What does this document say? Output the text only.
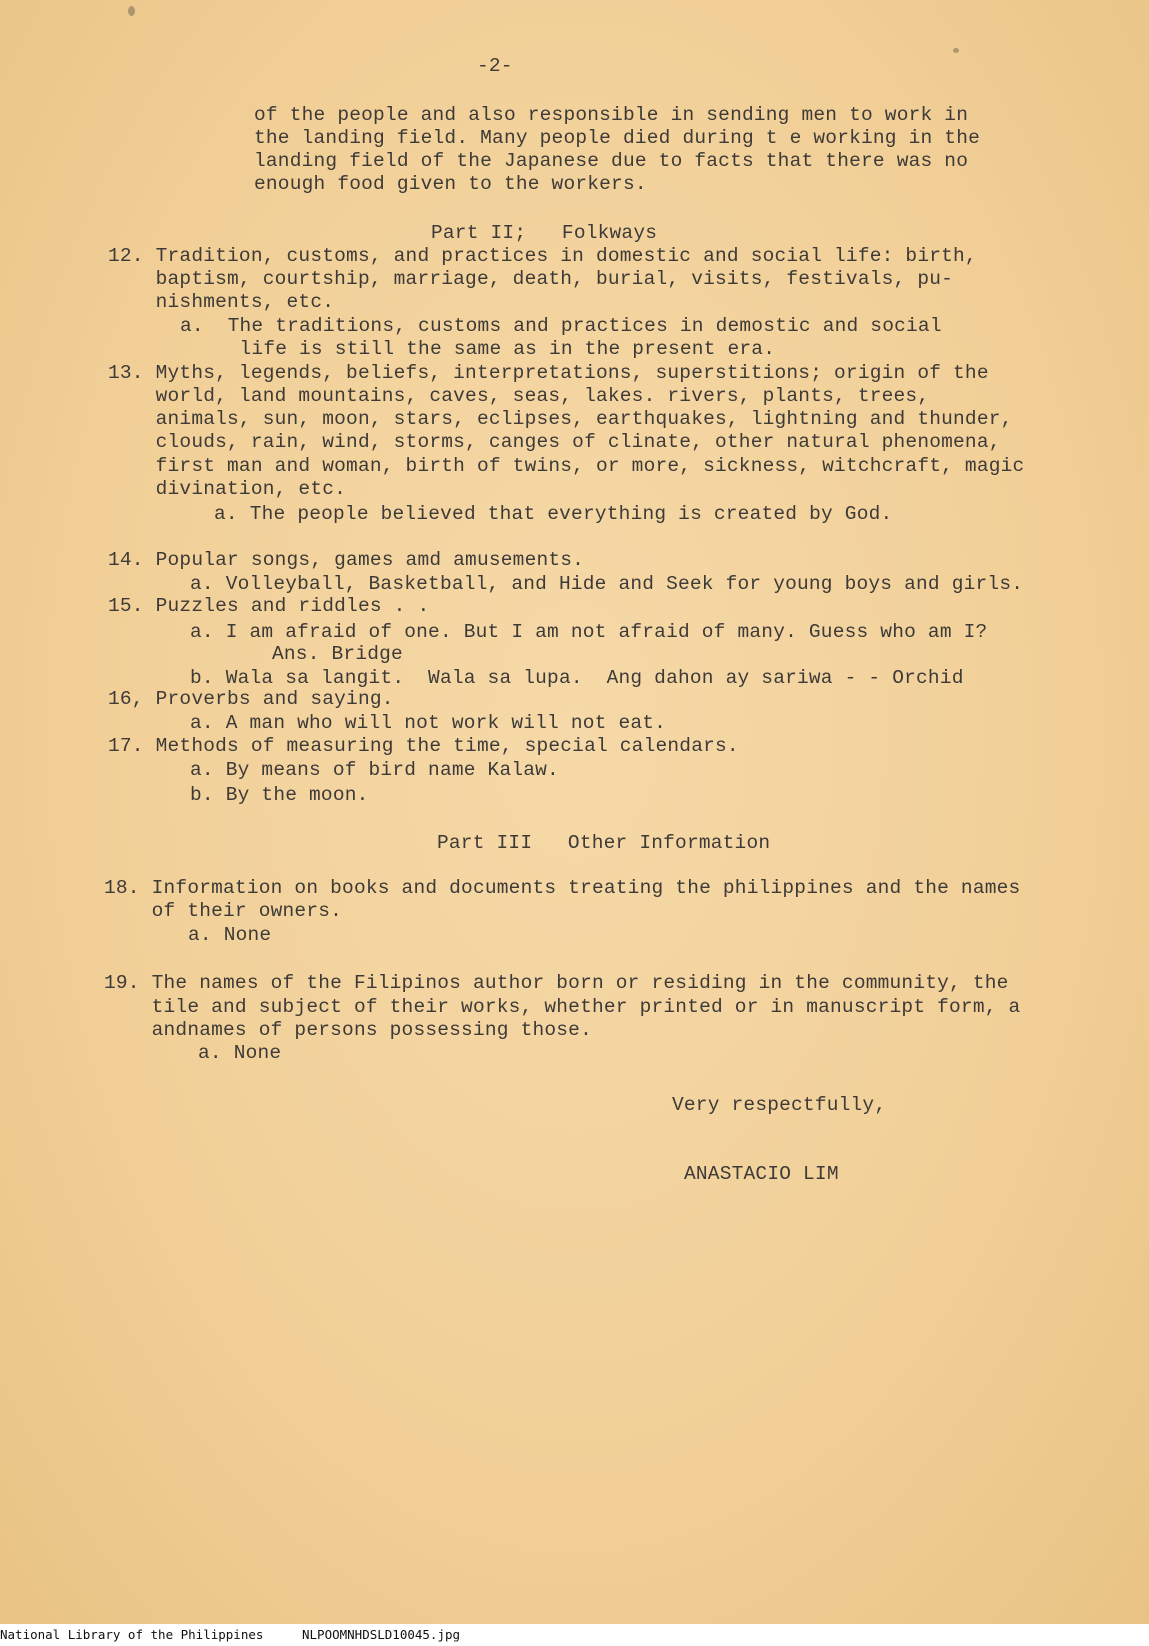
-2-
of the people and also responsible in sending men to work in
the landing field. Many people died during t e working in the
landing field of the Japanese due to facts that there was no
enough food given to the workers.
Part II;   Folkways
12. Tradition, customs, and practices in domestic and social life: birth,
baptism, courtship, marriage, death, burial, visits, festivals, pu-
nishments, etc.
a.  The traditions, customs and practices in demostic and social
life is still the same as in the present era.
13. Myths, legends, beliefs, interpretations, superstitions; origin of the
world, land mountains, caves, seas, lakes. rivers, plants, trees,
animals, sun, moon, stars, eclipses, earthquakes, lightning and thunder,
clouds, rain, wind, storms, canges of clinate, other natural phenomena,
first man and woman, birth of twins, or more, sickness, witchcraft, magic
divination, etc.
a. The people believed that everything is created by God.
14. Popular songs, games amd amusements.
a. Volleyball, Basketball, and Hide and Seek for young boys and girls.
15. Puzzles and riddles . .
a. I am afraid of one. But I am not afraid of many. Guess who am I?
Ans. Bridge
b. Wala sa langit.  Wala sa lupa.  Ang dahon ay sariwa - - Orchid
16, Proverbs and saying.
a. A man who will not work will not eat.
17. Methods of measuring the time, special calendars.
a. By means of bird name Kalaw.
b. By the moon.
Part III   Other Information
18. Information on books and documents treating the philippines and the names
of their owners.
a. None
19. The names of the Filipinos author born or residing in the community, the
tile and subject of their works, whether printed or in manuscript form, a
andnames of persons possessing those.
a. None
Very respectfully,
ANASTACIO LIM
National Library of the Philippines	NLPOOMNHDSLD10045.jpg
